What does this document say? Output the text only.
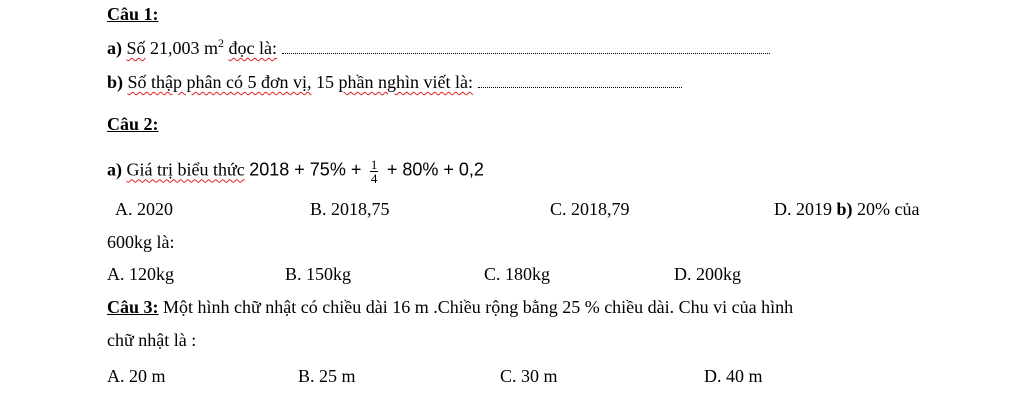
Câu 1:
a) Số 21,003 $m^2$ đọc là:
b) Số thập phân có 5 đơn vị, 15 phần nghìn viết là:
Câu 2:
a) Giá trị biểu thức $2018 + 75\% + \frac{1}{4} + 80\% + 0,2$
A. 2020	B. 2018,75	C. 2018,79	D. 2019 b) 20% của
600kg là:
A. 120kg	B. 150kg	C. 180kg	D. 200kg
Câu 3: Một hình chữ nhật có chiều dài 16 m .Chiều rộng bằng 25 % chiều dài. Chu vi của hình
chữ nhật là :
A. 20 m	B. 25 m	C. 30 m	D. 40 m
